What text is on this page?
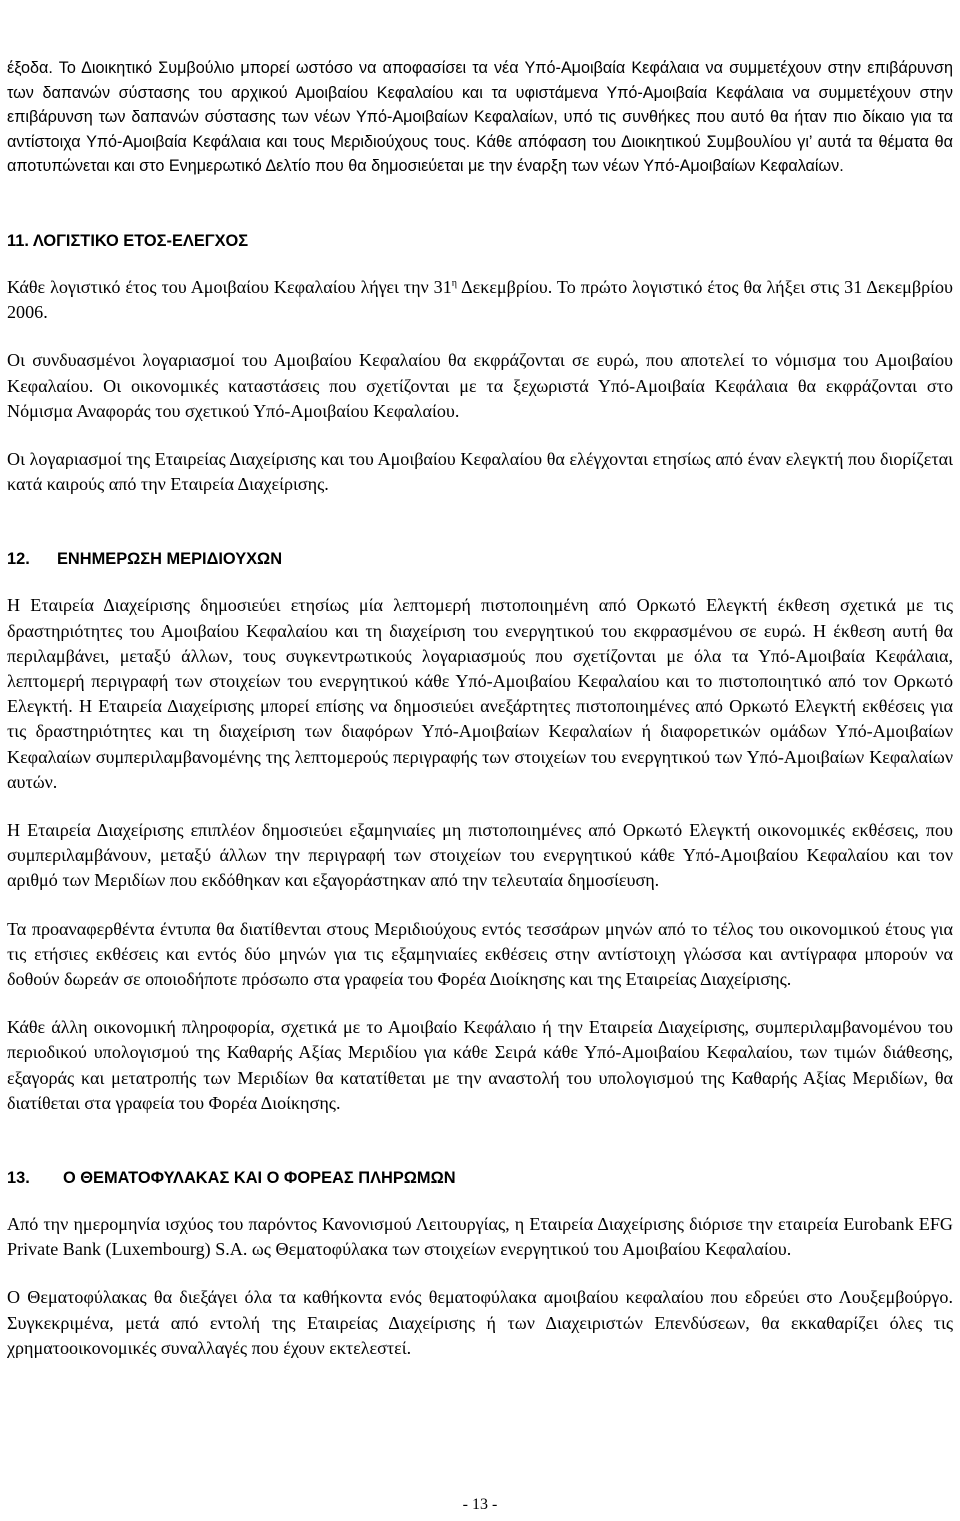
έξοδα. Το Διοικητικό Συμβούλιο μπορεί ωστόσο να αποφασίσει τα νέα Υπό-Αμοιβαία Κεφάλαια να συμμετέχουν στην επιβάρυνση των δαπανών σύστασης του αρχικού Αμοιβαίου Κεφαλαίου και τα υφιστάμενα Υπό-Αμοιβαία Κεφάλαια να συμμετέχουν στην επιβάρυνση των δαπανών σύστασης των νέων Υπό-Αμοιβαίων Κεφαλαίων, υπό τις συνθήκες που αυτό θα ήταν πιο δίκαιο για τα αντίστοιχα Υπό-Αμοιβαία Κεφάλαια και τους Μεριδιούχους τους. Κάθε απόφαση του Διοικητικού Συμβουλίου γι’ αυτά τα θέματα θα αποτυπώνεται και στο Ενημερωτικό Δελτίο που θα δημοσιεύεται με την έναρξη των νέων Υπό-Αμοιβαίων Κεφαλαίων.

11. ΛΟΓΙΣΤΙΚΟ ΕΤΟΣ-ΕΛΕΓΧΟΣ

Κάθε λογιστικό έτος του Αμοιβαίου Κεφαλαίου λήγει την $31^\eta$ Δεκεμβρίου. Το πρώτο λογιστικό έτος θα λήξει στις 31 Δεκεμβρίου 2006.

Οι συνδυασμένοι λογαριασμοί του Αμοιβαίου Κεφαλαίου θα εκφράζονται σε ευρώ, που αποτελεί το νόμισμα του Αμοιβαίου Κεφαλαίου. Οι οικονομικές καταστάσεις που σχετίζονται με τα ξεχωριστά Υπό-Αμοιβαία Κεφάλαια θα εκφράζονται στο Νόμισμα Αναφοράς του σχετικού Υπό-Αμοιβαίου Κεφαλαίου.

Οι λογαριασμοί της Εταιρείας Διαχείρισης και του Αμοιβαίου Κεφαλαίου θα ελέγχονται ετησίως από έναν ελεγκτή που διορίζεται κατά καιρούς από την Εταιρεία Διαχείρισης.

12. ΕΝΗΜΕΡΩΣΗ ΜΕΡΙΔΙΟΥΧΩΝ

Η Εταιρεία Διαχείρισης δημοσιεύει ετησίως μία λεπτομερή πιστοποιημένη από Ορκωτό Ελεγκτή έκθεση σχετικά με τις δραστηριότητες του Αμοιβαίου Κεφαλαίου και τη διαχείριση του ενεργητικού του εκφρασμένου σε ευρώ. Η έκθεση αυτή θα περιλαμβάνει, μεταξύ άλλων, τους συγκεντρωτικούς λογαριασμούς που σχετίζονται με όλα τα Υπό-Αμοιβαία Κεφάλαια, λεπτομερή περιγραφή των στοιχείων του ενεργητικού κάθε Υπό-Αμοιβαίου Κεφαλαίου και το πιστοποιητικό από τον Ορκωτό Ελεγκτή. Η Εταιρεία Διαχείρισης μπορεί επίσης να δημοσιεύει ανεξάρτητες πιστοποιημένες από Ορκωτό Ελεγκτή εκθέσεις για τις δραστηριότητες και τη διαχείριση των διαφόρων Υπό-Αμοιβαίων Κεφαλαίων ή διαφορετικών ομάδων Υπό-Αμοιβαίων Κεφαλαίων συμπεριλαμβανομένης της λεπτομερούς περιγραφής των στοιχείων του ενεργητικού των Υπό-Αμοιβαίων Κεφαλαίων αυτών.

Η Εταιρεία Διαχείρισης επιπλέον δημοσιεύει εξαμηνιαίες μη πιστοποιημένες από Ορκωτό Ελεγκτή οικονομικές εκθέσεις, που συμπεριλαμβάνουν, μεταξύ άλλων την περιγραφή των στοιχείων του ενεργητικού κάθε Υπό-Αμοιβαίου Κεφαλαίου και τον αριθμό των Μεριδίων που εκδόθηκαν και εξαγοράστηκαν από την τελευταία δημοσίευση.

Τα προαναφερθέντα έντυπα θα διατίθενται στους Μεριδιούχους εντός τεσσάρων μηνών από το τέλος του οικονομικού έτους για τις ετήσιες εκθέσεις και εντός δύο μηνών για τις εξαμηνιαίες εκθέσεις στην αντίστοιχη γλώσσα και αντίγραφα μπορούν να δοθούν δωρεάν σε οποιοδήποτε πρόσωπο στα γραφεία του Φορέα Διοίκησης και της Εταιρείας Διαχείρισης.

Κάθε άλλη οικονομική πληροφορία, σχετικά με το Αμοιβαίο Κεφάλαιο ή την Εταιρεία Διαχείρισης, συμπεριλαμβανομένου του περιοδικού υπολογισμού της Καθαρής Αξίας Μεριδίου για κάθε Σειρά κάθε Υπό-Αμοιβαίου Κεφαλαίου, των τιμών διάθεσης, εξαγοράς και μετατροπής των Μεριδίων θα κατατίθεται με την αναστολή του υπολογισμού της Καθαρής Αξίας Μεριδίων, θα διατίθεται στα γραφεία του Φορέα Διοίκησης.

13. Ο ΘΕΜΑΤΟΦΥΛΑΚΑΣ ΚΑΙ Ο ΦΟΡΕΑΣ ΠΛΗΡΩΜΩΝ

Από την ημερομηνία ισχύος του παρόντος Κανονισμού Λειτουργίας, η Εταιρεία Διαχείρισης διόρισε την εταιρεία Eurobank EFG Private Bank (Luxembourg) S.A. ως Θεματοφύλακα των στοιχείων ενεργητικού του Αμοιβαίου Κεφαλαίου.

Ο Θεματοφύλακας θα διεξάγει όλα τα καθήκοντα ενός θεματοφύλακα αμοιβαίου κεφαλαίου που εδρεύει στο Λουξεμβούργο. Συγκεκριμένα, μετά από εντολή της Εταιρείας Διαχείρισης ή των Διαχειριστών Επενδύσεων, θα εκκαθαρίζει όλες τις χρηματοοικονομικές συναλλαγές που έχουν εκτελεστεί.

- 13 -
